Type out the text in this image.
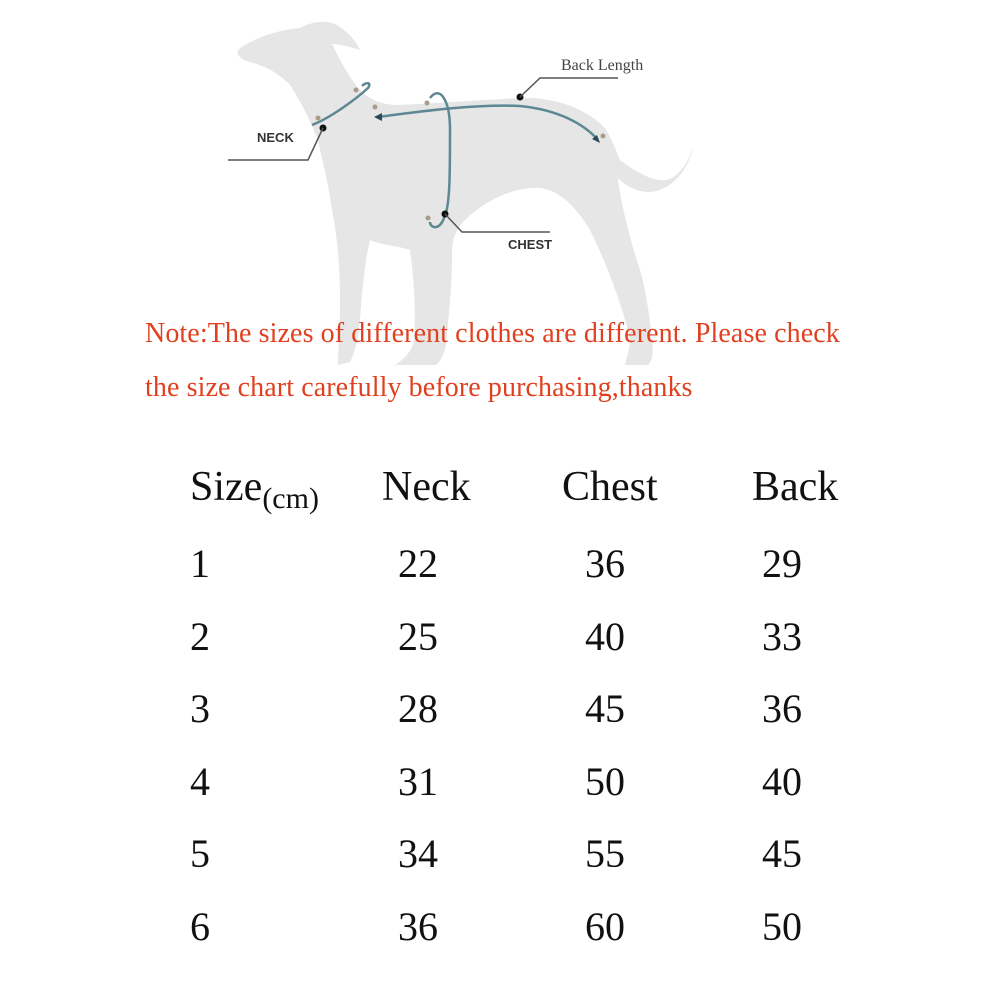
NECK
CHEST
Back Length
Note:The sizes of different clothes are different. Please check
the size chart carefully before purchasing,thanks
Size(cm) Neck Chest Back
1	22	36	29
2	25	40	33
3	28	45	36
4	31	50	40
5	34	55	45
6	36	60	50
